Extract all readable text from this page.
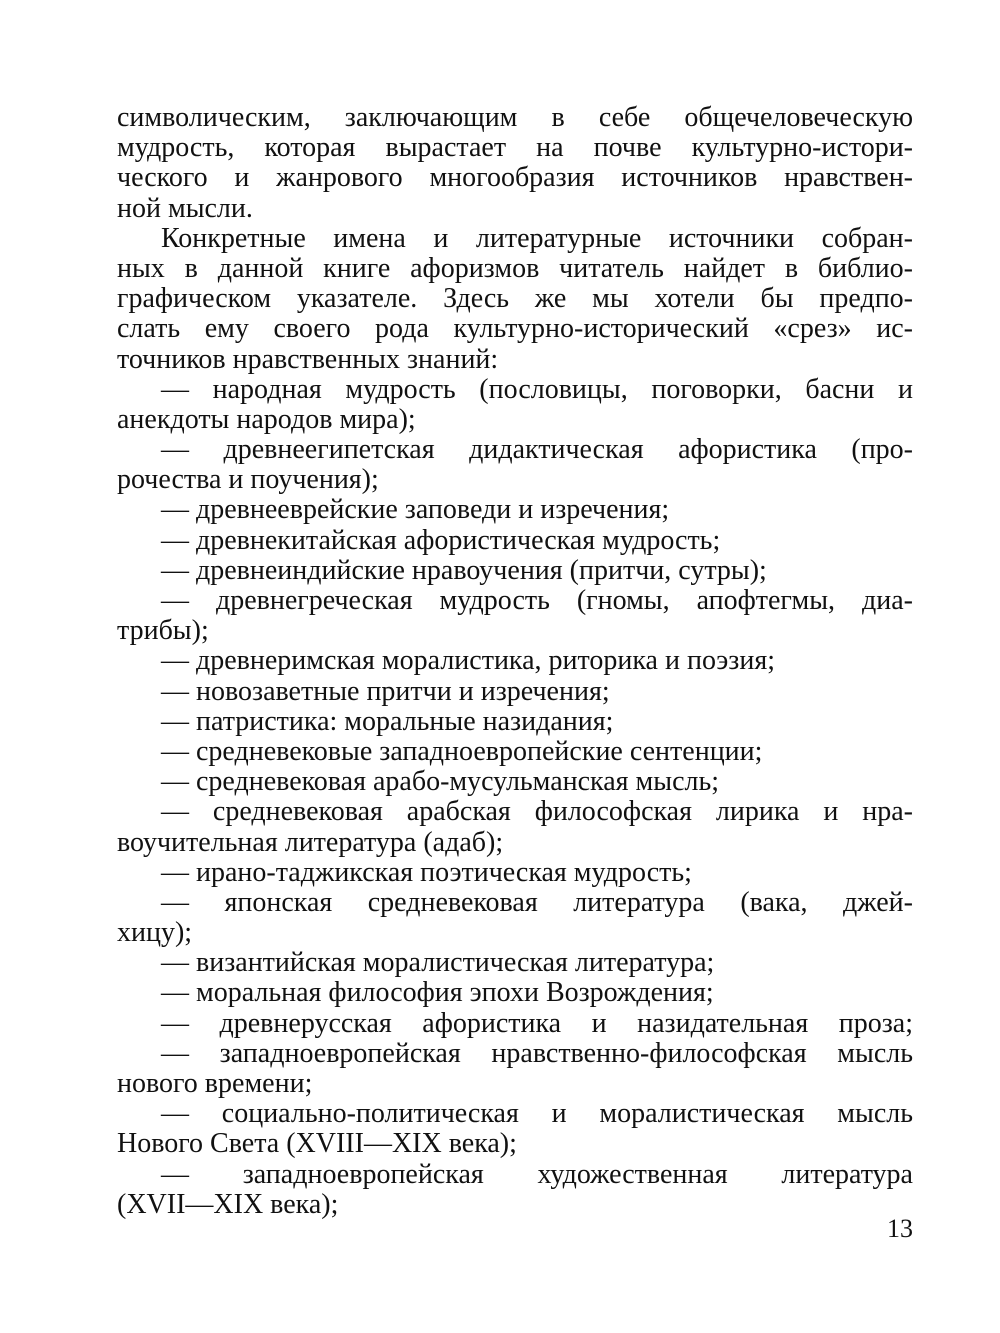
символическим, заключающим в себе общечеловеческую
мудрость, которая вырастает на почве культурно-истори-
ческого и жанрового многообразия источников нравствен-
ной мысли.
Конкретные имена и литературные источники собран-
ных в данной книге афоризмов читатель найдет в библио-
графическом указателе. Здесь же мы хотели бы предпо-
слать ему своего рода культурно-исторический «срез» ис-
точников нравственных знаний:
— народная мудрость (пословицы, поговорки, басни и
анекдоты народов мира);
— древнеегипетская дидактическая афористика (про-
рочества и поучения);
— древнееврейские заповеди и изречения;
— древнекитайская афористическая мудрость;
— древнеиндийские нравоучения (притчи, сутры);
— древнегреческая мудрость (гномы, апофтегмы, диа-
трибы);
— древнеримская моралистика, риторика и поэзия;
— новозаветные притчи и изречения;
— патристика: моральные назидания;
— средневековые западноевропейские сентенции;
— средневековая арабо-мусульманская мысль;
— средневековая арабская философская лирика и нра-
воучительная литература (адаб);
— ирано-таджикская поэтическая мудрость;
— японская средневековая литература (вака, джей-
хицу);
— византийская моралистическая литература;
— моральная философия эпохи Возрождения;
— древнерусская афористика и назидательная проза;
— западноевропейская нравственно-философская мысль
нового времени;
— социально-политическая и моралистическая мысль
Нового Света (XVIII—XIX века);
— западноевропейская художественная литература
(XVII—XIX века);
13
